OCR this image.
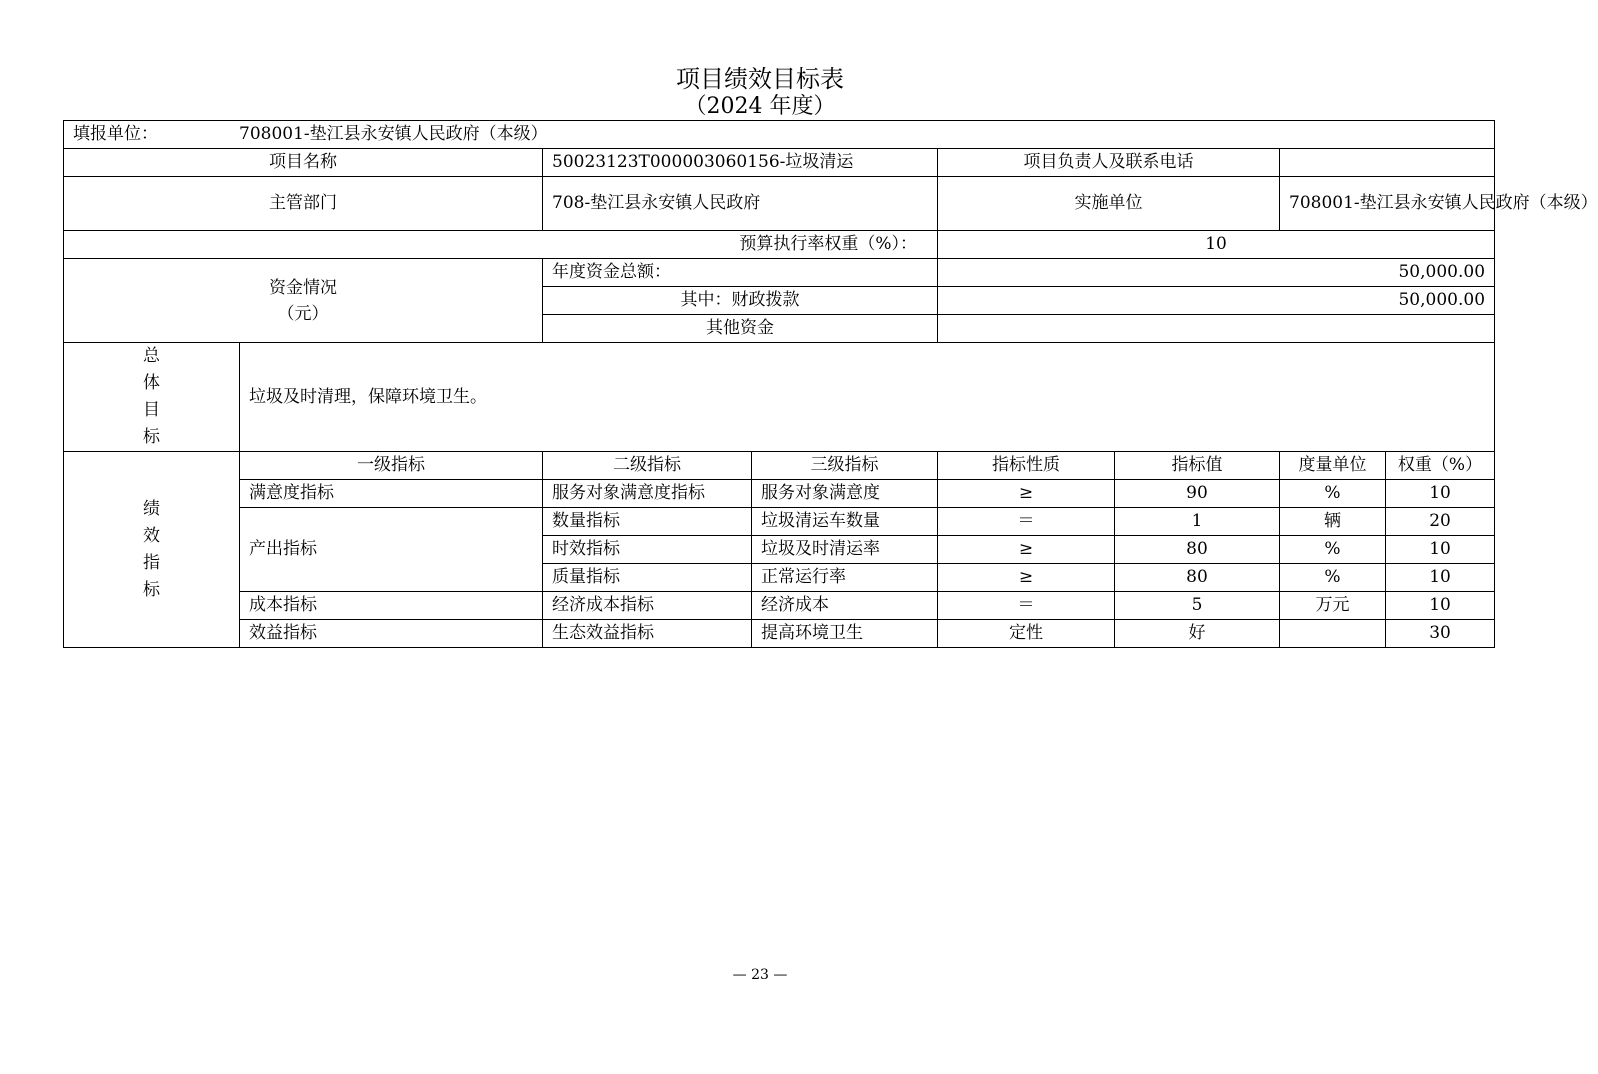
项目绩效目标表
（2024 年度）
填报单位： 708001-垫江县永安镇人民政府（本级）							
项目名称		50023123T000003060156-垃圾清运		项目负责人及联系电话			
主管部门		708-垫江县永安镇人民政府		实施单位		708001-垫江县永安镇人民政府（本级）	
预算执行率权重（%）：				10			

资金情况
（元）		年度资金总额：		50,000.00			
		其中：财政拨款		50,000.00			
		其他资金					

总
体
目
标	垃圾及时清理，保障环境卫生。						

绩
效
指
标	一级指标	二级指标	三级指标	指标性质	指标值	度量单位	权重（%）
	满意度指标	服务对象满意度指标	服务对象满意度	≥	90	%	10
	产出指标	数量指标	垃圾清运车数量	＝	1	辆	20
		时效指标	垃圾及时清运率	≥	80	%	10
		质量指标	正常运行率	≥	80	%	10
	成本指标	经济成本指标	经济成本	＝	5	万元	10
	效益指标	生态效益指标	提高环境卫生	定性	好		30
— 23 —
